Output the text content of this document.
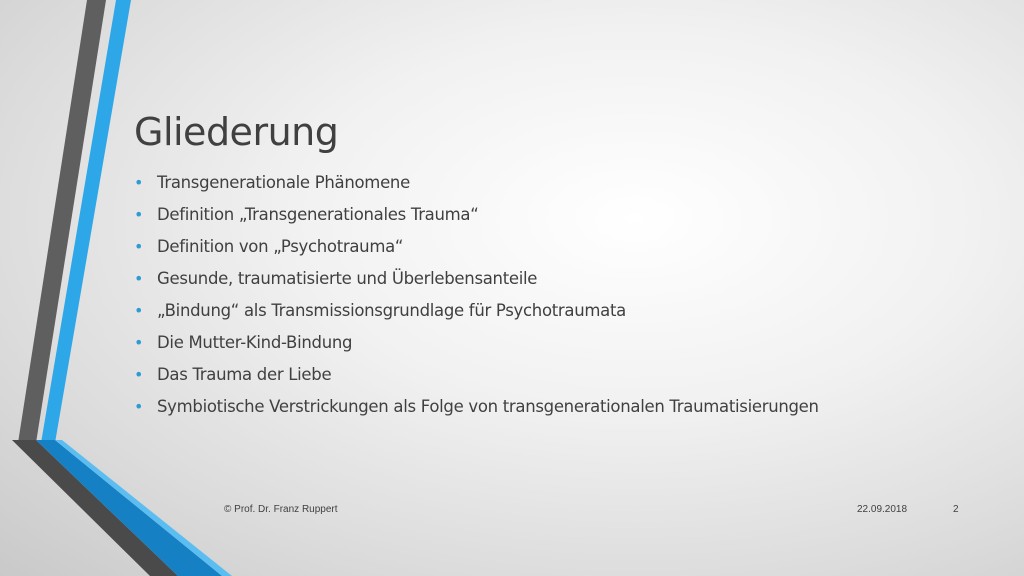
Gliederung
• Transgenerationale Phänomene
• Definition „Transgenerationales Trauma“
• Definition von „Psychotrauma“
• Gesunde, traumatisierte und Überlebensanteile
• „Bindung“ als Transmissionsgrundlage für Psychotraumata
• Die Mutter-Kind-Bindung
• Das Trauma der Liebe
• Symbiotische Verstrickungen als Folge von transgenerationalen Traumatisierungen
© Prof. Dr. Franz Ruppert	22.09.2018	2
